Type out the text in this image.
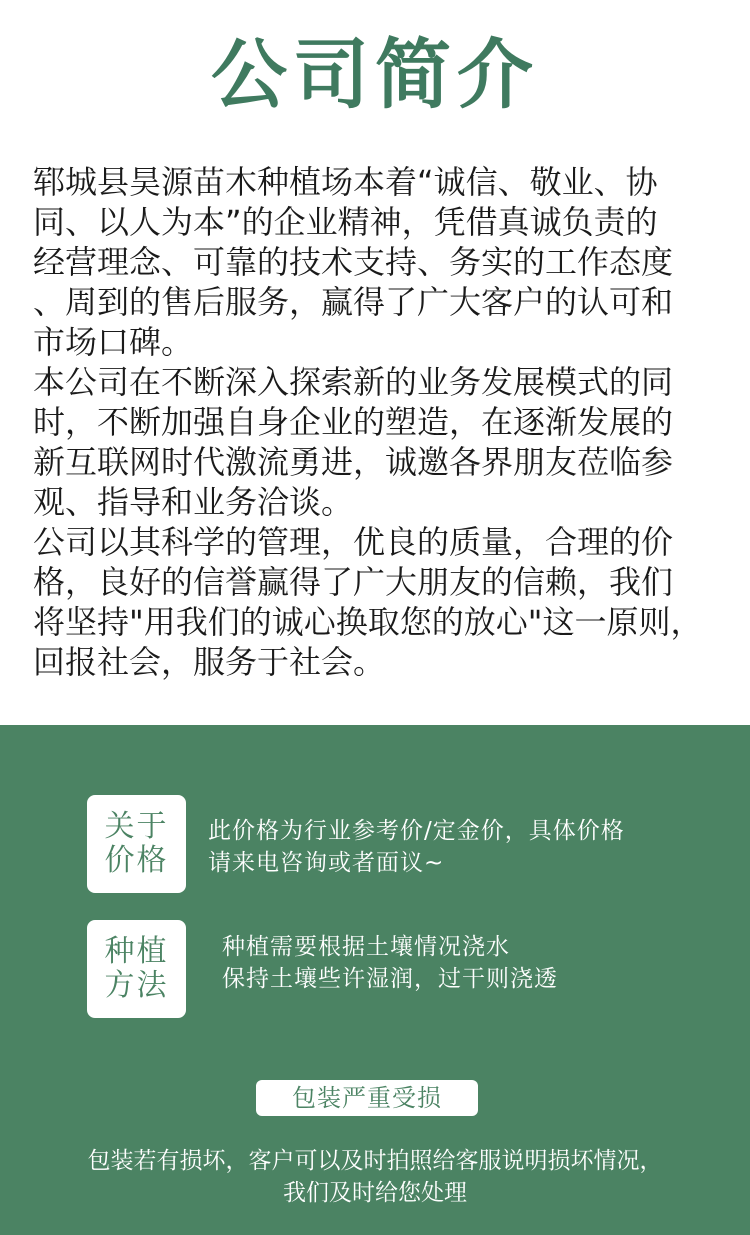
公司简介

郓城县昊源苗木种植场本着“诚信、敬业、协
同、以人为本”的企业精神，凭借真诚负责的
经营理念、可靠的技术支持、务实的工作态度
、周到的售后服务，赢得了广大客户的认可和
市场口碑。

本公司在不断深入探索新的业务发展模式的同
时，不断加强自身企业的塑造，在逐渐发展的
新互联网时代激流勇进，诚邀各界朋友莅临参
观、指导和业务洽谈。

公司以其科学的管理，优良的质量，合理的价
格，良好的信誉赢得了广大朋友的信赖，我们
将坚持"用我们的诚心换取您的放心"这一原则，
回报社会，服务于社会。

关于价格
此价格为行业参考价/定金价，具体价格
请来电咨询或者面议~
种植方法
种植需要根据土壤情况浇水
保持土壤些许湿润，过干则浇透
包装严重受损
包装若有损坏，客户可以及时拍照给客服说明损坏情况，
我们及时给您处理
